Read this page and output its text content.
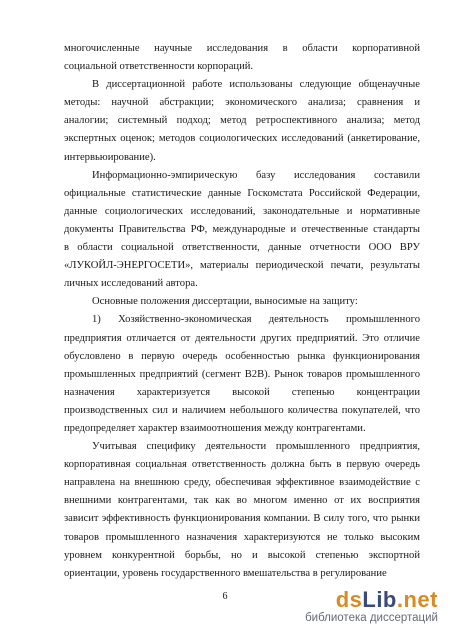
многочисленные научные исследования в области корпоративной
социальной ответственности корпораций.
В диссертационной работе использованы следующие общенаучные
методы: научной абстракции; экономического анализа; сравнения и
аналогии; системный подход; метод ретроспективного анализа; метод
экспертных оценок; методов социологических исследований (анкетирование,
интервьюирование).
Информационно-эмпирическую базу исследования составили
официальные статистические данные Госкомстата Российской Федерации,
данные социологических исследований, законодательные и нормативные
документы Правительства РФ, международные и отечественные стандарты
в области социальной ответственности, данные отчетности ООО ВРУ
«ЛУКОЙЛ-ЭНЕРГОСЕТИ», материалы периодической печати, результаты
личных исследований автора.
Основные положения диссертации, выносимые на защиту:
1) Хозяйственно-экономическая деятельность промышленного
предприятия отличается от деятельности других предприятий. Это отличие
обусловлено в первую очередь особенностью рынка функционирования
промышленных предприятий (сегмент B2B). Рынок товаров промышленного
назначения характеризуется высокой степенью концентрации
производственных сил и наличием небольшого количества покупателей, что
предопределяет характер взаимоотношения между контрагентами.
Учитывая специфику деятельности промышленного предприятия,
корпоративная социальная ответственность должна быть в первую очередь
направлена на внешнюю среду, обеспечивая эффективное взаимодействие с
внешними контрагентами, так как во многом именно от их восприятия
зависит эффективность функционирования компании. В силу того, что рынки
товаров промышленного назначения характеризуются не только высоким
уровнем конкурентной борьбы, но и высокой степенью экспортной
ориентации, уровень государственного вмешательства в регулирование
6	dsLib.net
библиотека диссертаций
